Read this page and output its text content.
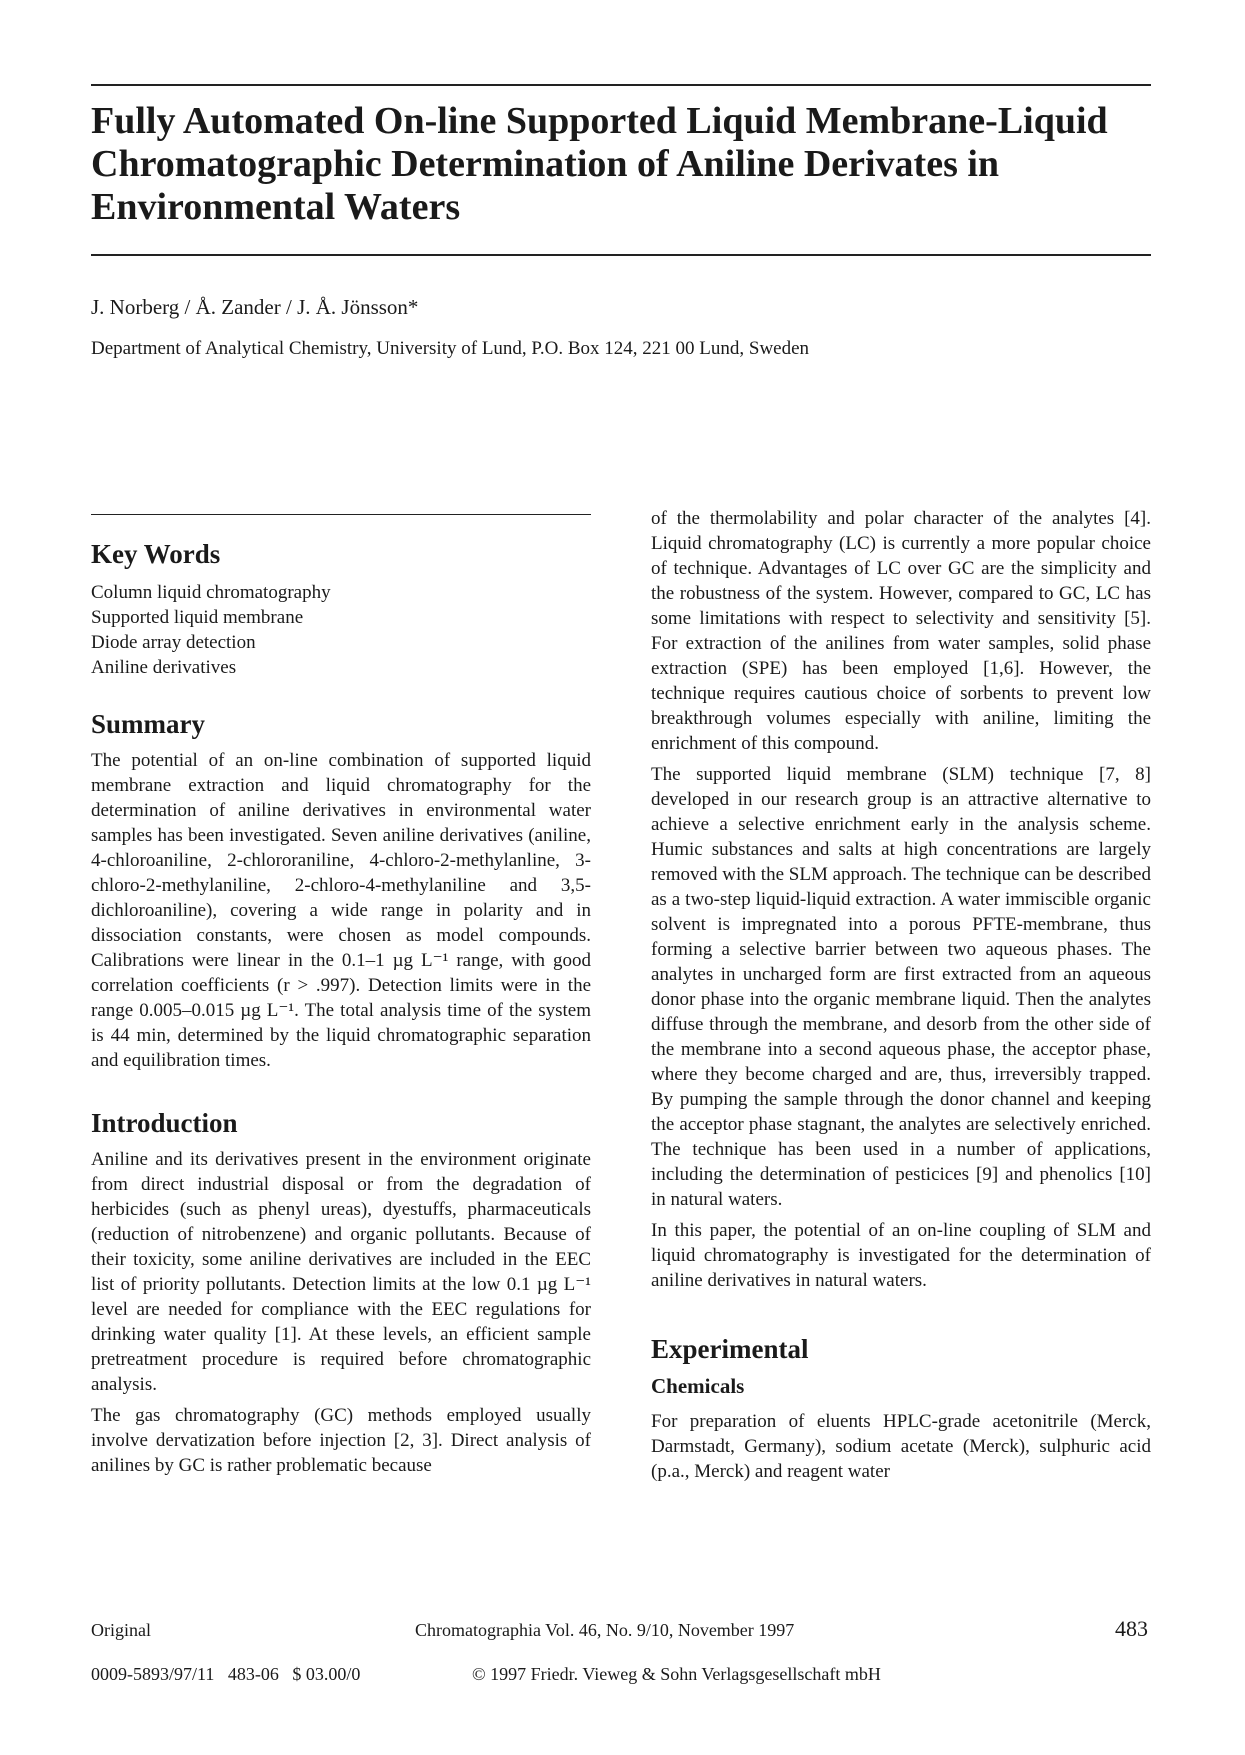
Fully Automated On-line Supported Liquid Membrane-Liquid Chromatographic Determination of Aniline Derivates in Environmental Waters

J. Norberg / Å. Zander / J. Å. Jönsson*

Department of Analytical Chemistry, University of Lund, P.O. Box 124, 221 00 Lund, Sweden

Key Words
Column liquid chromatography
Supported liquid membrane
Diode array detection
Aniline derivatives
Summary

The potential of an on-line combination of supported liquid membrane extraction and liquid chromatography for the determination of aniline derivatives in environmental water samples has been investigated. Seven aniline derivatives (aniline, 4-chloroaniline, 2-chlororaniline, 4-chloro-2-methylanline, 3-chloro-2-methylaniline, 2-chloro-4-methylaniline and 3,5-dichloroaniline), covering a wide range in polarity and in dissociation constants, were chosen as model compounds. Calibrations were linear in the 0.1–1 µg L⁻¹ range, with good correlation coefficients (r > .997). Detection limits were in the range 0.005–0.015 µg L⁻¹. The total analysis time of the system is 44 min, determined by the liquid chromatographic separation and equilibration times.

Introduction

Aniline and its derivatives present in the environment originate from direct industrial disposal or from the degradation of herbicides (such as phenyl ureas), dyestuffs, pharmaceuticals (reduction of nitrobenzene) and organic pollutants. Because of their toxicity, some aniline derivatives are included in the EEC list of priority pollutants. Detection limits at the low 0.1 µg L⁻¹ level are needed for compliance with the EEC regulations for drinking water quality [1]. At these levels, an efficient sample pretreatment procedure is required before chromatographic analysis.

The gas chromatography (GC) methods employed usually involve dervatization before injection [2, 3]. Direct analysis of anilines by GC is rather problematic because

of the thermolability and polar character of the analytes [4]. Liquid chromatography (LC) is currently a more popular choice of technique. Advantages of LC over GC are the simplicity and the robustness of the system. However, compared to GC, LC has some limitations with respect to selectivity and sensitivity [5]. For extraction of the anilines from water samples, solid phase extraction (SPE) has been employed [1,6]. However, the technique requires cautious choice of sorbents to prevent low breakthrough volumes especially with aniline, limiting the enrichment of this compound.

The supported liquid membrane (SLM) technique [7, 8] developed in our research group is an attractive alternative to achieve a selective enrichment early in the analysis scheme. Humic substances and salts at high concentrations are largely removed with the SLM approach. The technique can be described as a two-step liquid-liquid extraction. A water immiscible organic solvent is impregnated into a porous PFTE-membrane, thus forming a selective barrier between two aqueous phases. The analytes in uncharged form are first extracted from an aqueous donor phase into the organic membrane liquid. Then the analytes diffuse through the membrane, and desorb from the other side of the membrane into a second aqueous phase, the acceptor phase, where they become charged and are, thus, irreversibly trapped. By pumping the sample through the donor channel and keeping the acceptor phase stagnant, the analytes are selectively enriched. The technique has been used in a number of applications, including the determination of pesticices [9] and phenolics [10] in natural waters.

In this paper, the potential of an on-line coupling of SLM and liquid chromatography is investigated for the determination of aniline derivatives in natural waters.

Experimental
Chemicals

For preparation of eluents HPLC-grade acetonitrile (Merck, Darmstadt, Germany), sodium acetate (Merck), sulphuric acid (p.a., Merck) and reagent water

Original	Chromatographia Vol. 46, No. 9/10, November 1997	483
0009-5893/97/11   483-06   $ 03.00/0	© 1997 Friedr. Vieweg & Sohn Verlagsgesellschaft mbH
